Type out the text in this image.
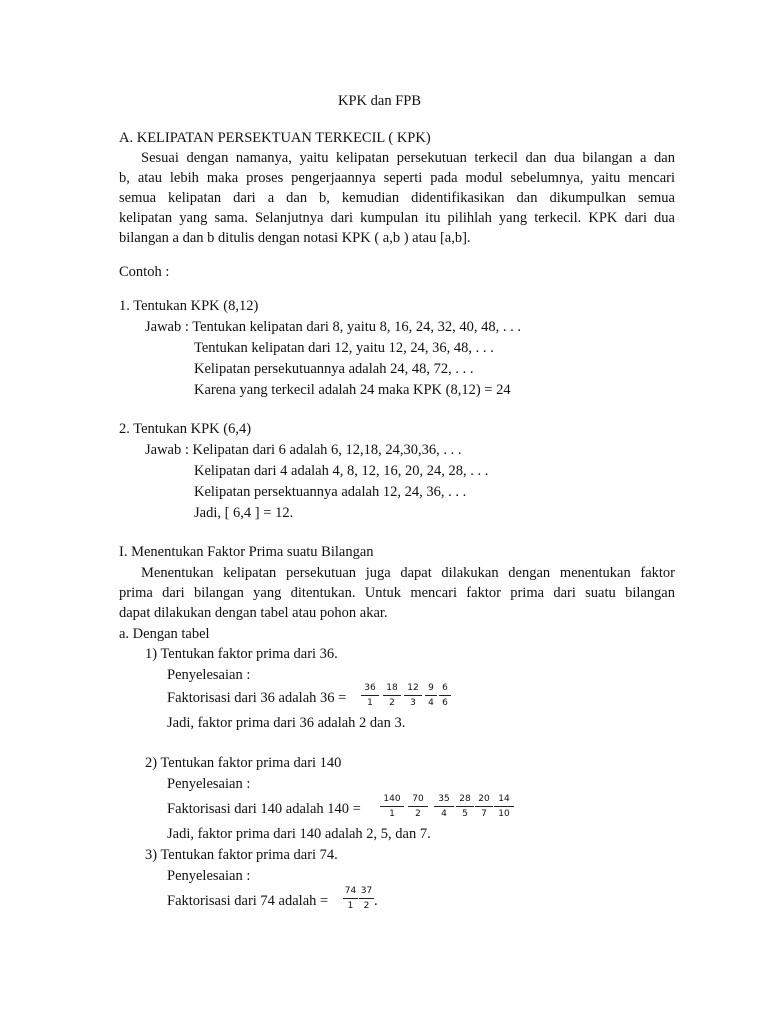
KPK dan FPB
A. KELIPATAN PERSEKTUAN TERKECIL ( KPK)
Sesuai dengan namanya, yaitu kelipatan persekutuan terkecil dan dua bilangan a dan
b, atau lebih maka proses pengerjaannya seperti pada modul sebelumnya, yaitu mencari
semua kelipatan dari a dan b, kemudian didentifikasikan dan dikumpulkan semua
kelipatan yang sama. Selanjutnya dari kumpulan itu pilihlah yang terkecil. KPK dari dua
bilangan a dan b ditulis dengan notasi KPK ( a,b ) atau [a,b].
Contoh :
1. Tentukan KPK (8,12)
Jawab : Tentukan kelipatan dari 8, yaitu 8, 16, 24, 32, 40, 48, . . .
Tentukan kelipatan dari 12, yaitu 12, 24, 36, 48, . . .
Kelipatan persekutuannya adalah 24, 48, 72, . . .
Karena yang terkecil adalah 24 maka KPK (8,12) = 24
2. Tentukan KPK (6,4)
Jawab : Kelipatan dari 6 adalah 6, 12,18, 24,30,36, . . .
Kelipatan dari 4 adalah 4, 8, 12, 16, 20, 24, 28, . . .
Kelipatan persektuannya adalah 12, 24, 36, . . .
Jadi, [ 6,4 ] = 12.
I. Menentukan Faktor Prima suatu Bilangan
Menentukan kelipatan persekutuan juga dapat dilakukan dengan menentukan faktor
prima dari bilangan yang ditentukan. Untuk mencari faktor prima dari suatu bilangan
dapat dilakukan dengan tabel atau pohon akar.
a. Dengan tabel
1) Tentukan faktor prima dari 36.
Penyelesaian :
Faktorisasi dari 36 adalah 36 =
36
1
18
2
12
3
9
4
6
6
Jadi, faktor prima dari 36 adalah 2 dan 3.
2) Tentukan faktor prima dari 140
Penyelesaian :
Faktorisasi dari 140 adalah 140 =
140
1
70
2
35
4
28
5
20
7
14
10
Jadi, faktor prima dari 140 adalah 2, 5, dan 7.
3) Tentukan faktor prima dari 74.
Penyelesaian :
Faktorisasi dari 74 adalah =
74
1
37
2 .
